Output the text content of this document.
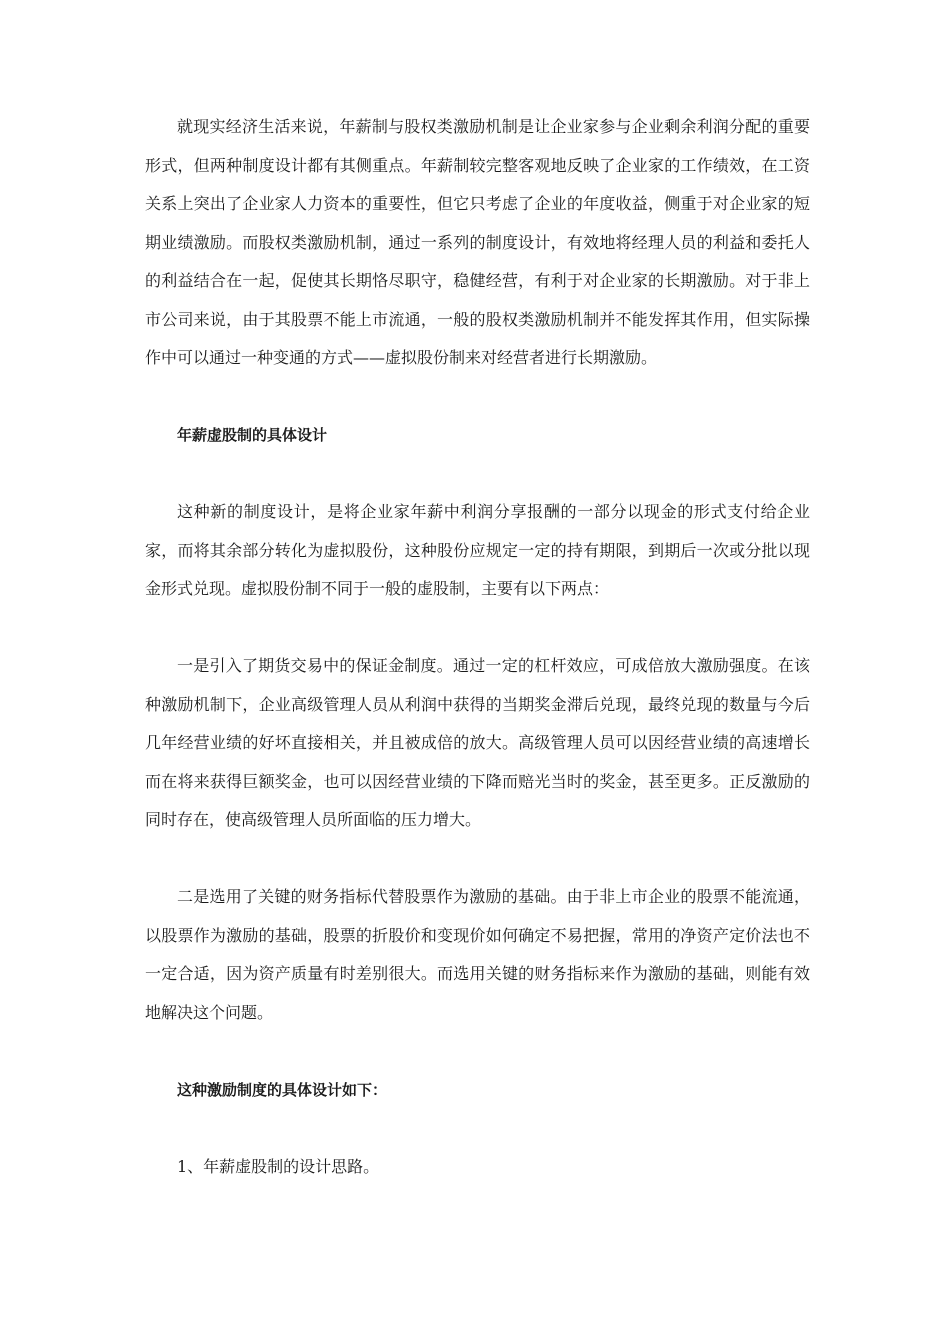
就现实经济生活来说，年薪制与股权类激励机制是让企业家参与企业剩余利润分配的重要形式，但两种制度设计都有其侧重点。年薪制较完整客观地反映了企业家的工作绩效，在工资关系上突出了企业家人力资本的重要性，但它只考虑了企业的年度收益，侧重于对企业家的短期业绩激励。而股权类激励机制，通过一系列的制度设计，有效地将经理人员的利益和委托人的利益结合在一起，促使其长期恪尽职守，稳健经营，有利于对企业家的长期激励。对于非上市公司来说，由于其股票不能上市流通，一般的股权类激励机制并不能发挥其作用，但实际操作中可以通过一种变通的方式——虚拟股份制来对经营者进行长期激励。

年薪虚股制的具体设计

这种新的制度设计，是将企业家年薪中利润分享报酬的一部分以现金的形式支付给企业家，而将其余部分转化为虚拟股份，这种股份应规定一定的持有期限，到期后一次或分批以现金形式兑现。虚拟股份制不同于一般的虚股制，主要有以下两点：

一是引入了期货交易中的保证金制度。通过一定的杠杆效应，可成倍放大激励强度。在该种激励机制下，企业高级管理人员从利润中获得的当期奖金滞后兑现，最终兑现的数量与今后几年经营业绩的好坏直接相关，并且被成倍的放大。高级管理人员可以因经营业绩的高速增长而在将来获得巨额奖金，也可以因经营业绩的下降而赔光当时的奖金，甚至更多。正反激励的同时存在，使高级管理人员所面临的压力增大。

二是选用了关键的财务指标代替股票作为激励的基础。由于非上市企业的股票不能流通，以股票作为激励的基础，股票的折股价和变现价如何确定不易把握，常用的净资产定价法也不一定合适，因为资产质量有时差别很大。而选用关键的财务指标来作为激励的基础，则能有效地解决这个问题。

这种激励制度的具体设计如下：

1、年薪虚股制的设计思路。
